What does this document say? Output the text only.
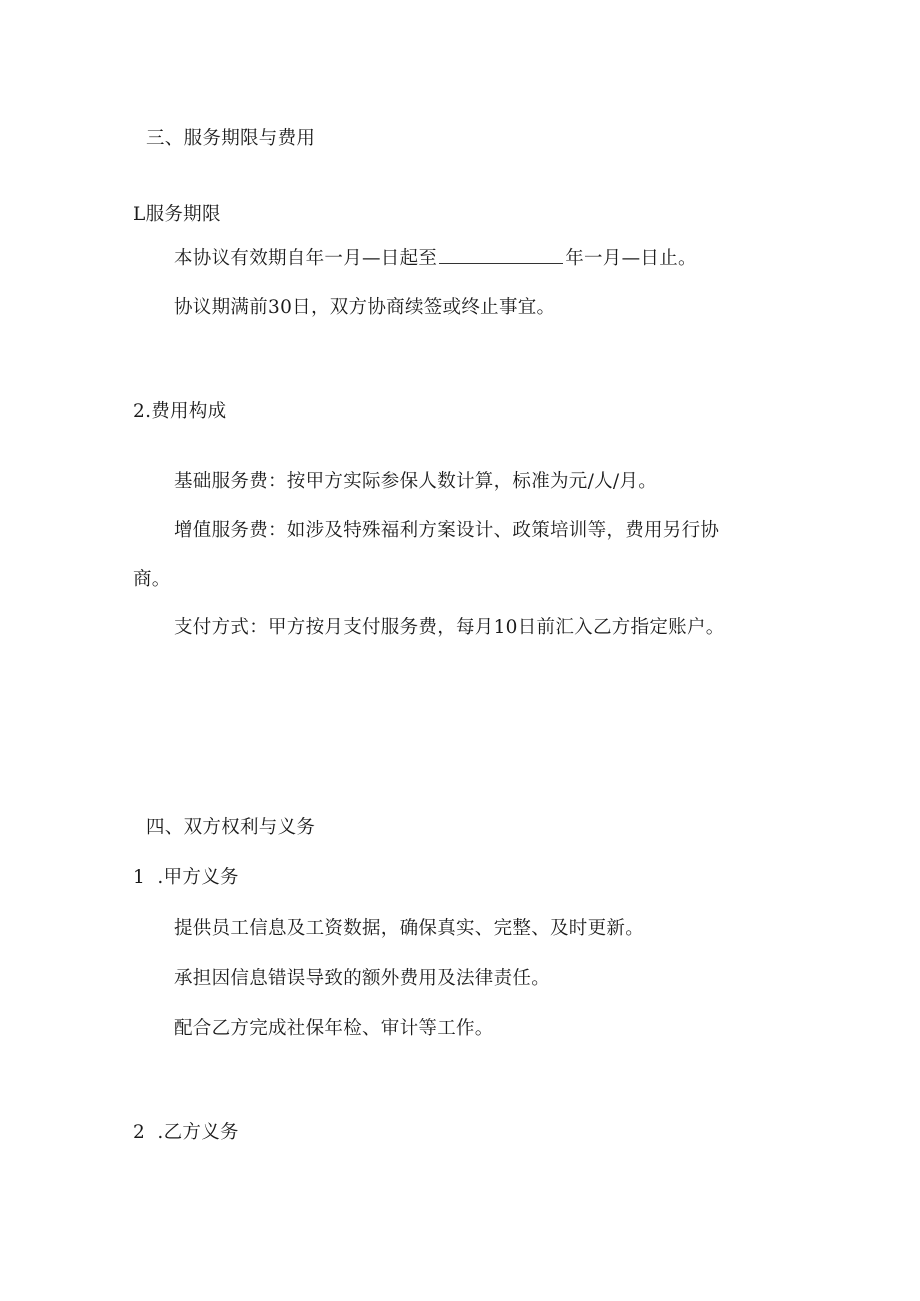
三、服务期限与费用
L服务期限
本协议有效期自年一月—日起至	年一月—日止。
协议期满前30日，双方协商续签或终止事宜。
2.费用构成
基础服务费：按甲方实际参保人数计算，标准为元/人/月。
增值服务费：如涉及特殊福利方案设计、政策培训等，费用另行协
商。
支付方式：甲方按月支付服务费，每月10日前汇入乙方指定账户。
四、双方权利与义务
1  .甲方义务
提供员工信息及工资数据，确保真实、完整、及时更新。
承担因信息错误导致的额外费用及法律责任。
配合乙方完成社保年检、审计等工作。
2  .乙方义务
